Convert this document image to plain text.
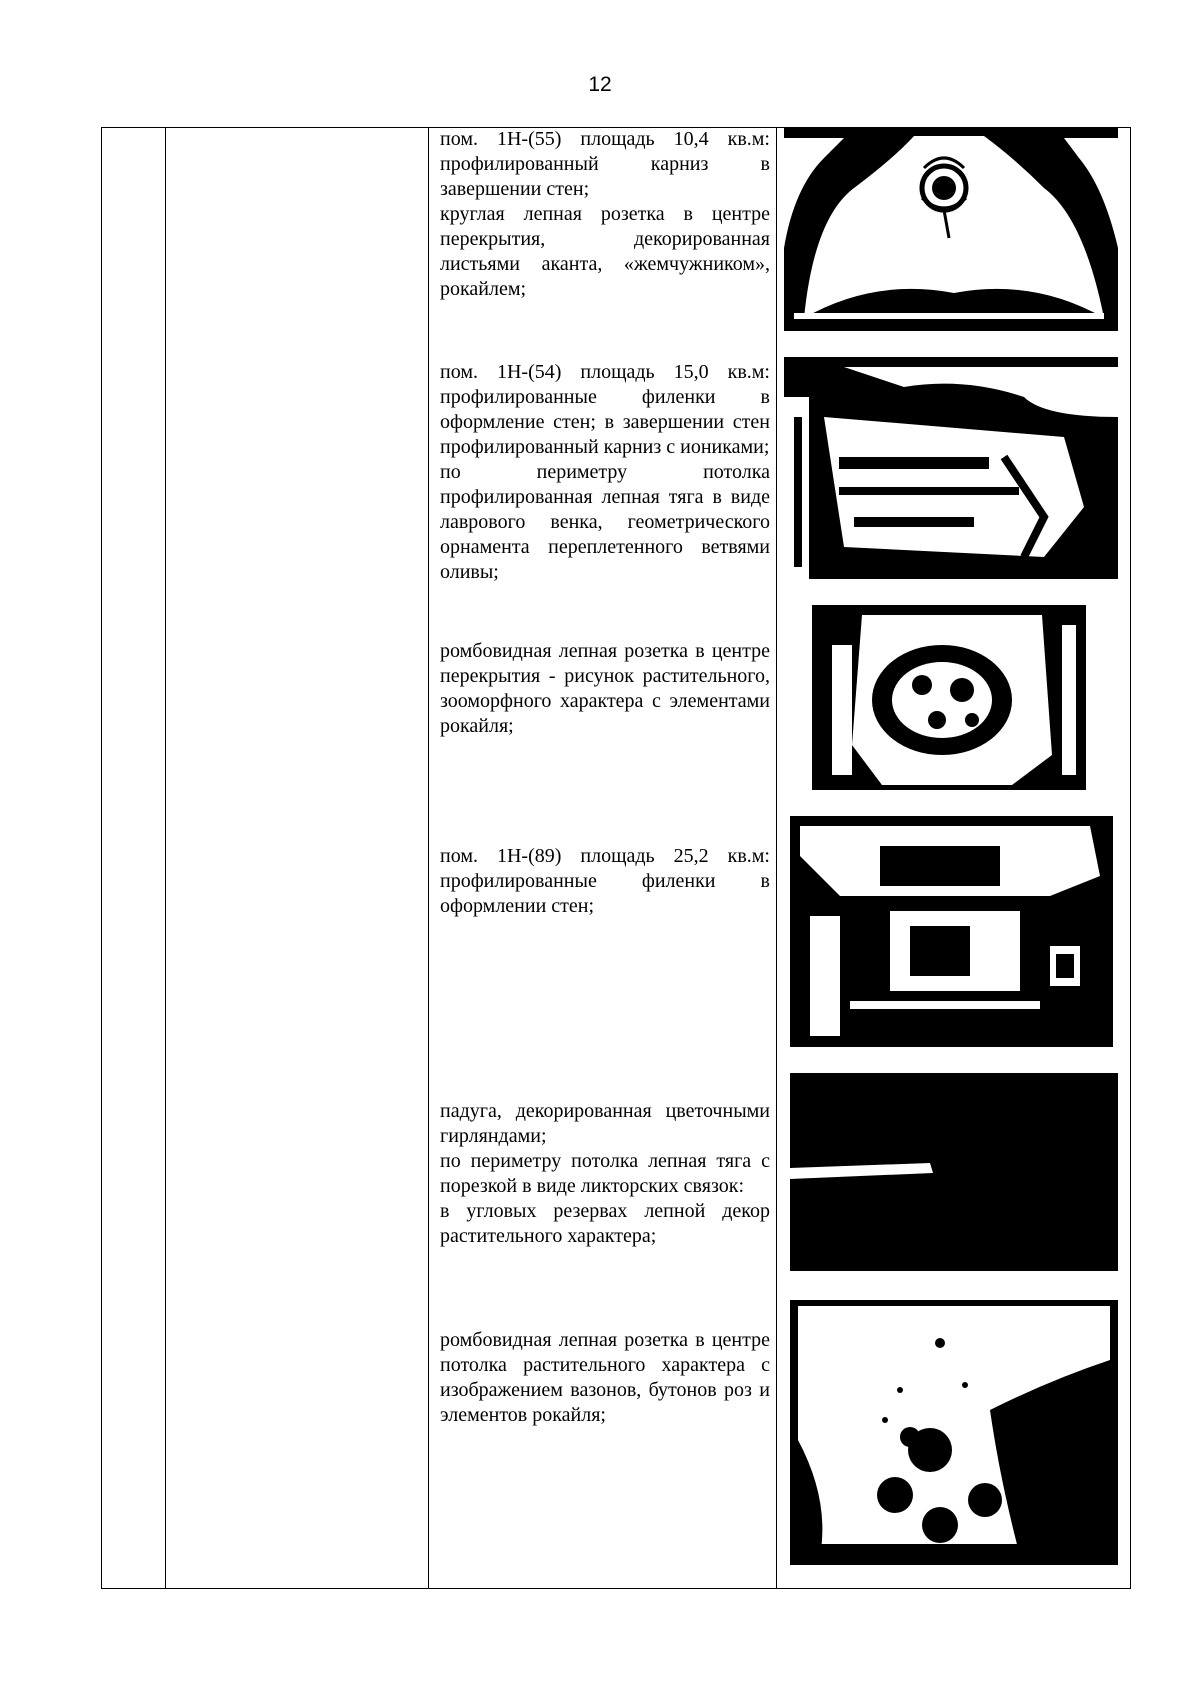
12

пом. 1Н-(55) площадь 10,4 кв.м: профилированный карниз в завершении стен;

круглая лепная розетка в центре перекрытия, декорированная листьями аканта, «жемчужником», рокайлем;

пом. 1Н-(54) площадь 15,0 кв.м: профилированные филенки в оформление стен; в завершении стен профилированный карниз с иониками;

по периметру потолка профилированная лепная тяга в виде лаврового венка, геометрического орнамента переплетенного ветвями оливы;

ромбовидная лепная розетка в центре перекрытия - рисунок растительного, зооморфного характера с элементами рокайля;

пом. 1Н-(89) площадь 25,2 кв.м: профилированные филенки в оформлении стен;

падуга, декорированная цветочными гирляндами;

по периметру потолка лепная тяга с порезкой в виде ликторских связок:

в угловых резервах лепной декор растительного характера;

ромбовидная лепная розетка в центре потолка растительного характера с изображением вазонов, бутонов роз и элементов рокайля;
